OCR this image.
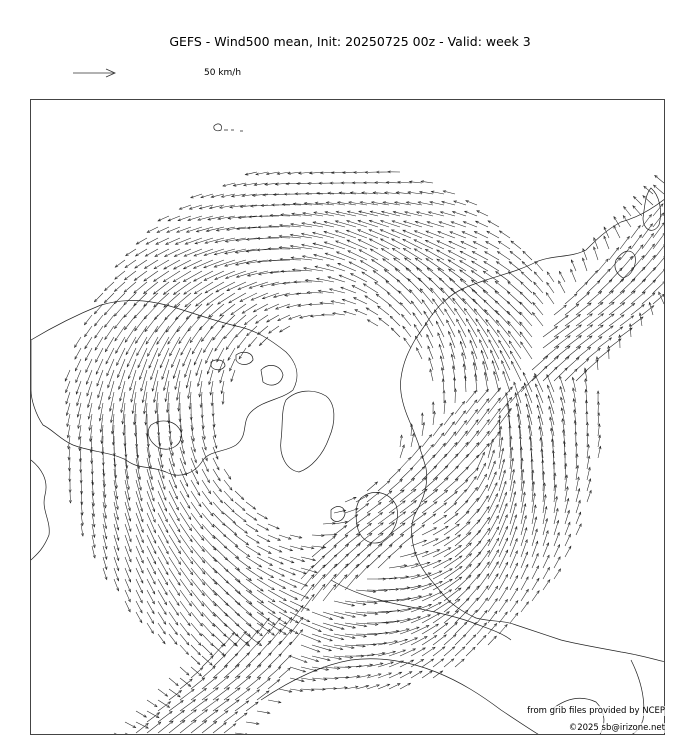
GEFS - Wind500 mean, Init: 20250725 00z - Valid: week 3
50 km/h
from grib files provided by NCEP
©2025 sb@irizone.net
